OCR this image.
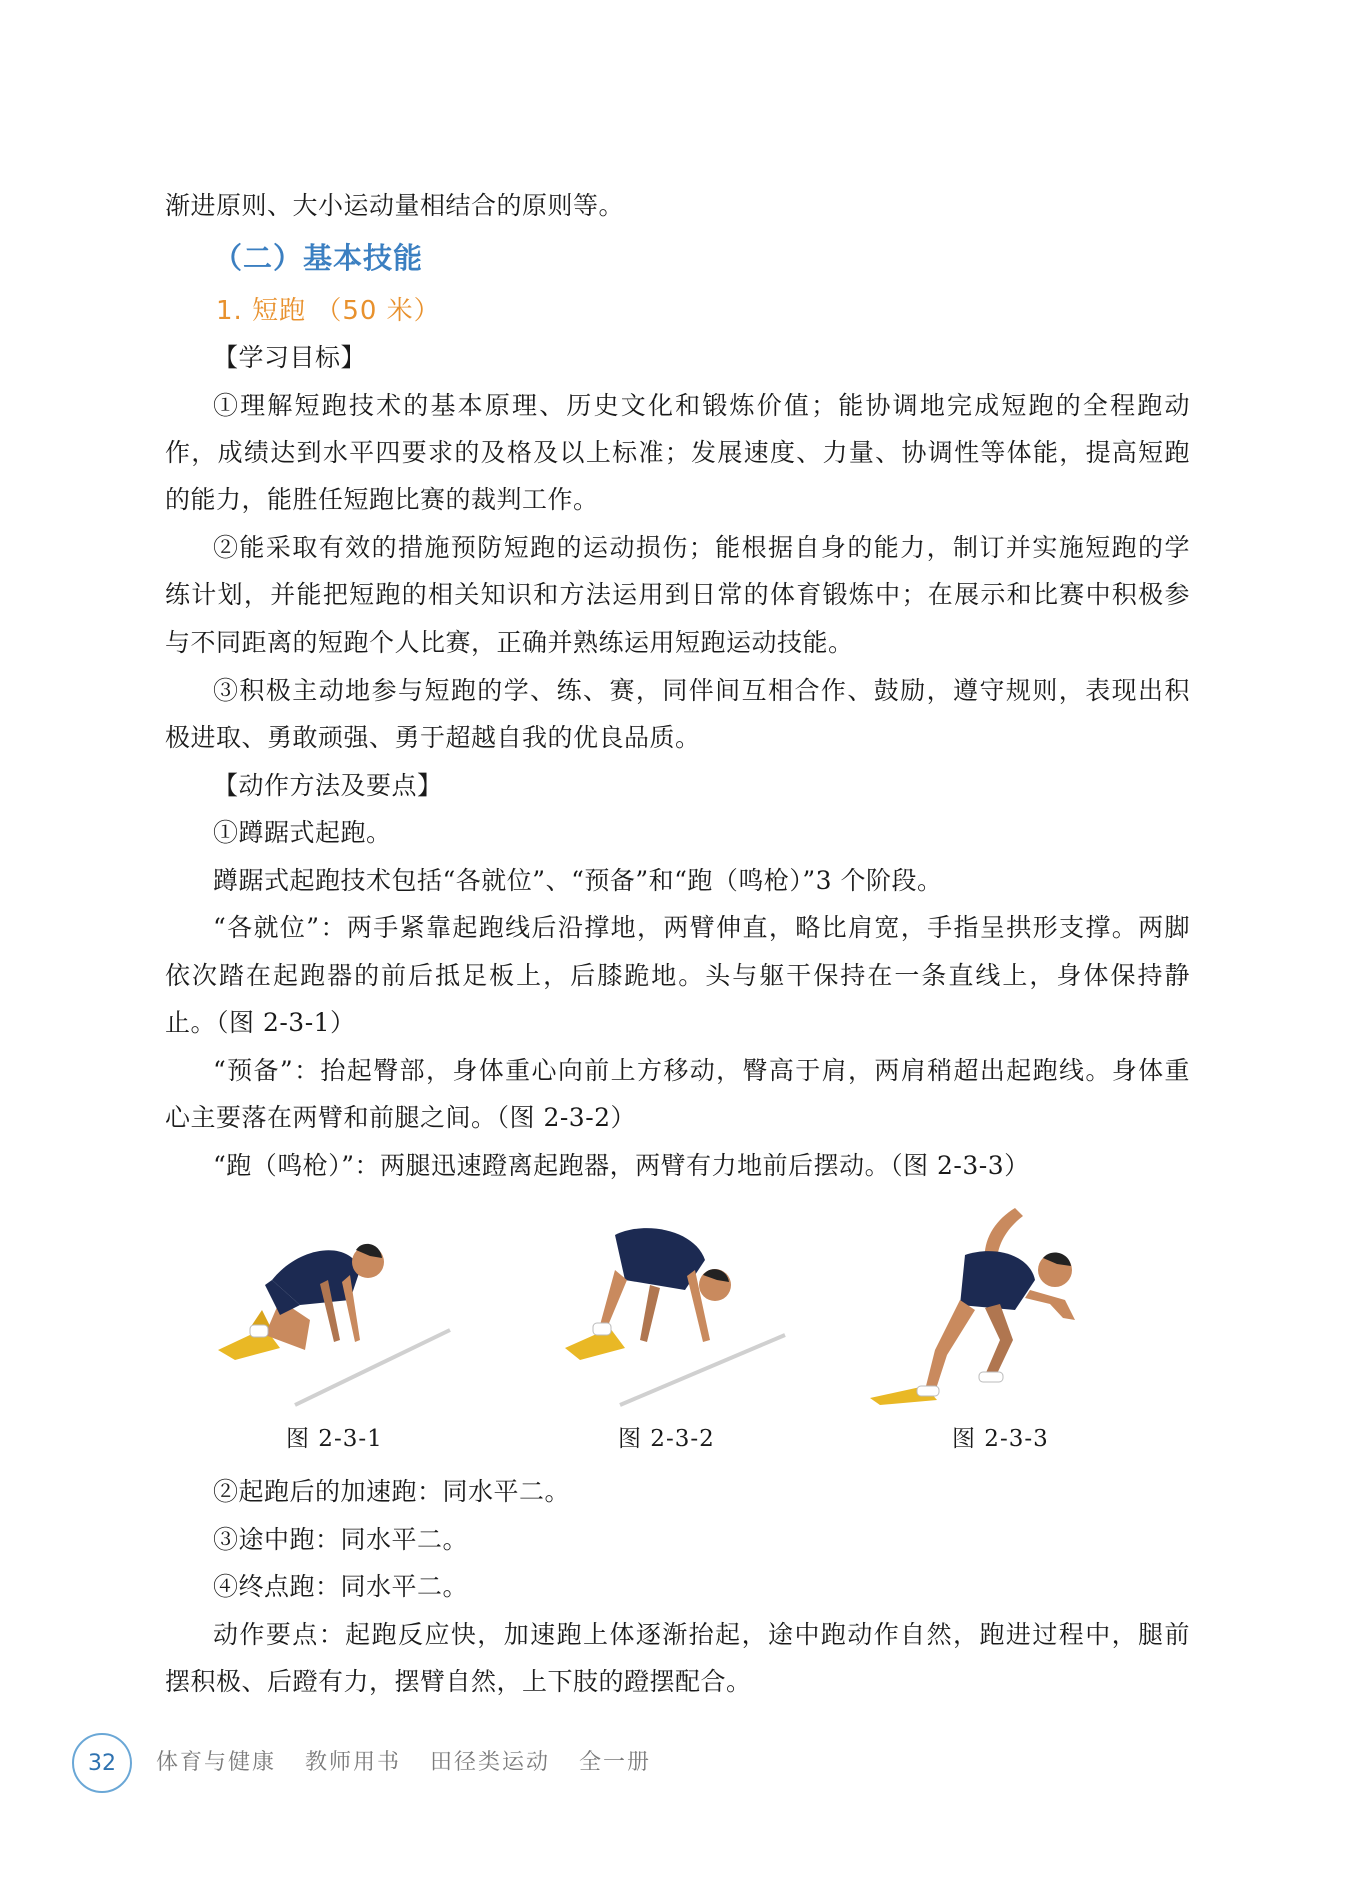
渐进原则、大小运动量相结合的原则等。
（二）基本技能
1. 短跑 （50 米）
【学习目标】
①理解短跑技术的基本原理、历史文化和锻炼价值；能协调地完成短跑的全程跑动
作，成绩达到水平四要求的及格及以上标准；发展速度、力量、协调性等体能，提高短跑
的能力，能胜任短跑比赛的裁判工作。
②能采取有效的措施预防短跑的运动损伤；能根据自身的能力，制订并实施短跑的学
练计划，并能把短跑的相关知识和方法运用到日常的体育锻炼中；在展示和比赛中积极参
与不同距离的短跑个人比赛，正确并熟练运用短跑运动技能。
③积极主动地参与短跑的学、练、赛，同伴间互相合作、鼓励，遵守规则，表现出积
极进取、勇敢顽强、勇于超越自我的优良品质。
【动作方法及要点】
①蹲踞式起跑。
蹲踞式起跑技术包括“各就位”、“预备”和“跑（鸣枪）”3 个阶段。
“各就位”：两手紧靠起跑线后沿撑地，两臂伸直，略比肩宽，手指呈拱形支撑。两脚
依次踏在起跑器的前后抵足板上，后膝跪地。头与躯干保持在一条直线上，身体保持静
止。（图 2-3-1）
“预备”：抬起臀部，身体重心向前上方移动，臀高于肩，两肩稍超出起跑线。身体重
心主要落在两臂和前腿之间。（图 2-3-2）
“跑（鸣枪）”：两腿迅速蹬离起跑器，两臂有力地前后摆动。（图 2-3-3）
图 2-3-1	图 2-3-2	图 2-3-3
②起跑后的加速跑：同水平二。
③途中跑：同水平二。
④终点跑：同水平二。
动作要点：起跑反应快，加速跑上体逐渐抬起，途中跑动作自然，跑进过程中，腿前
摆积极、后蹬有力，摆臂自然，上下肢的蹬摆配合。
32	体育与健康 教师用书 田径类运动 全一册
